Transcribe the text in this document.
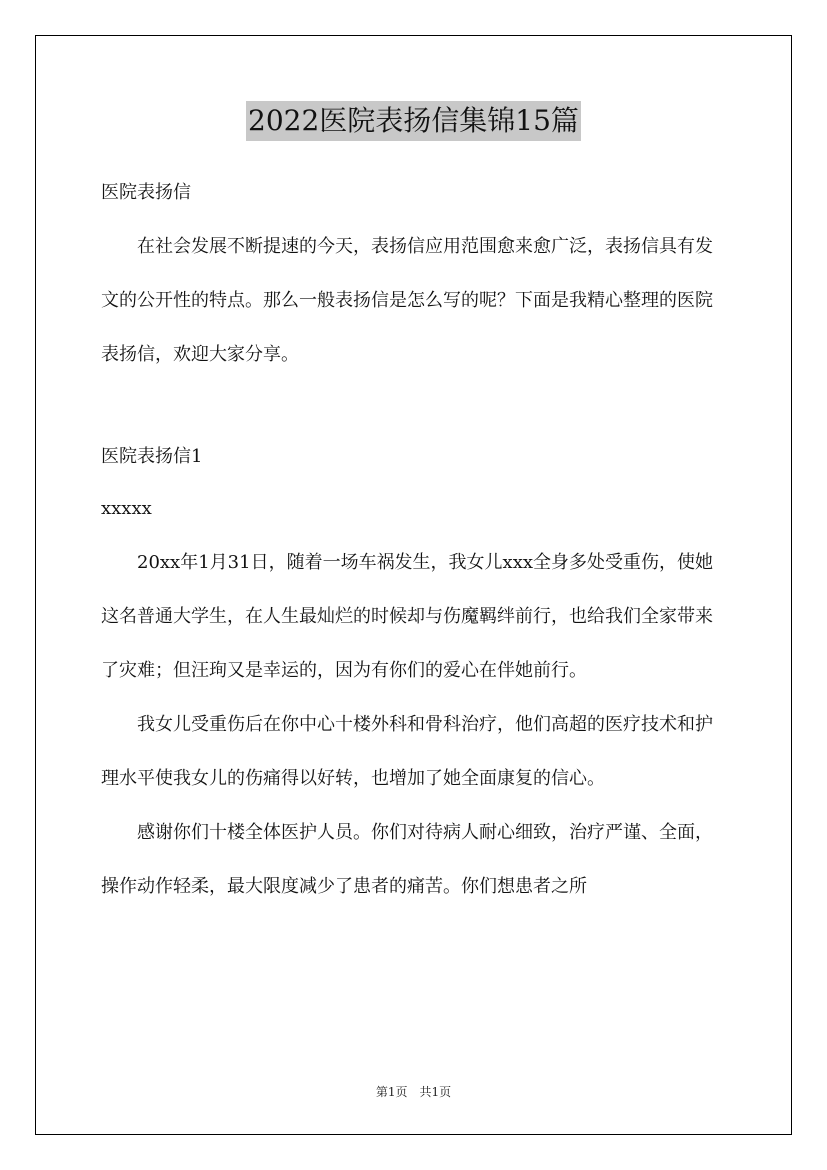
2022医院表扬信集锦15篇

医院表扬信

在社会发展不断提速的今天，表扬信应用范围愈来愈广泛，表扬信具有发文的公开性的特点。那么一般表扬信是怎么写的呢？下面是我精心整理的医院表扬信，欢迎大家分享。

医院表扬信1

xxxxx

20xx年1月31日，随着一场车祸发生，我女儿xxx全身多处受重伤，使她这名普通大学生，在人生最灿烂的时候却与伤魔羁绊前行，也给我们全家带来了灾难；但汪珣又是幸运的，因为有你们的爱心在伴她前行。

我女儿受重伤后在你中心十楼外科和骨科治疗，他们高超的医疗技术和护理水平使我女儿的伤痛得以好转，也增加了她全面康复的信心。

感谢你们十楼全体医护人员。你们对待病人耐心细致，治疗严谨、全面，操作动作轻柔，最大限度减少了患者的痛苦。你们想患者之所

第1页　共1页
